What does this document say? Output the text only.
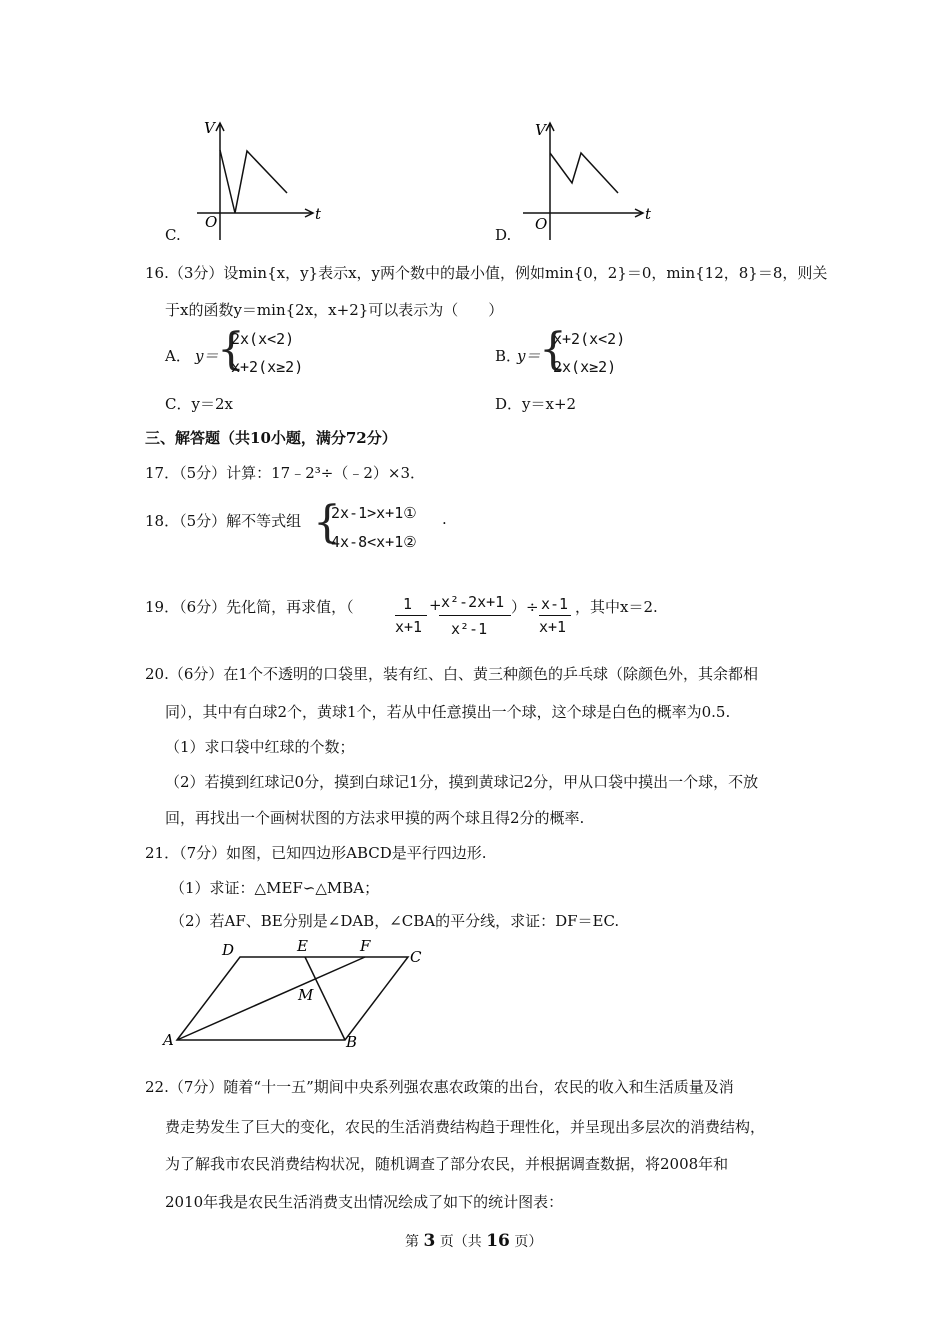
V
t
O
C.
V
t
O
D.
16.（3分）设min{x，y}表示x，y两个数中的最小值，例如min{0，2}＝0，min{12，8}＝8，则关
于x的函数y＝min{2x，x+2}可以表示为（　　）
A． y＝
{
2x(x<2)
x+2(x≥2)
B．
y＝
{
x+2(x<2)
2x(x≥2)
C．y＝2x	D．y＝x+2
三、解答题（共10小题，满分72分）
17．（5分）计算：17﹣2³÷（﹣2）×3．
18．（5分）解不等式组 {
2x-1>x+1①
4x-8<x+1②
.
19．（6分）先化简，再求值，（	1
x+1
+ x²-2x+1
x²-1
）÷ x-1
x+1
，其中x＝2.
20.（6分）在1个不透明的口袋里，装有红、白、黄三种颜色的乒乓球（除颜色外，其余都相
同），其中有白球2个，黄球1个，若从中任意摸出一个球，这个球是白色的概率为0.5.
（1）求口袋中红球的个数；
（2）若摸到红球记0分，摸到白球记1分，摸到黄球记2分，甲从口袋中摸出一个球，不放
回，再找出一个画树状图的方法求甲摸的两个球且得2分的概率.
21．（7分）如图，已知四边形ABCD是平行四边形.
（1）求证：△MEF∽△MBA；
（2）若AF、BE分别是∠DAB，∠CBA的平分线，求证：DF＝EC.
D	E	F
C
M
A	B
22.（7分）随着“十一五”期间中央系列强农惠农政策的出台，农民的收入和生活质量及消
费走势发生了巨大的变化，农民的生活消费结构趋于理性化，并呈现出多层次的消费结构，
为了解我市农民消费结构状况，随机调查了部分农民，并根据调查数据，将2008年和
2010年我是农民生活消费支出情况绘成了如下的统计图表：
第 3 页（共 16 页）
